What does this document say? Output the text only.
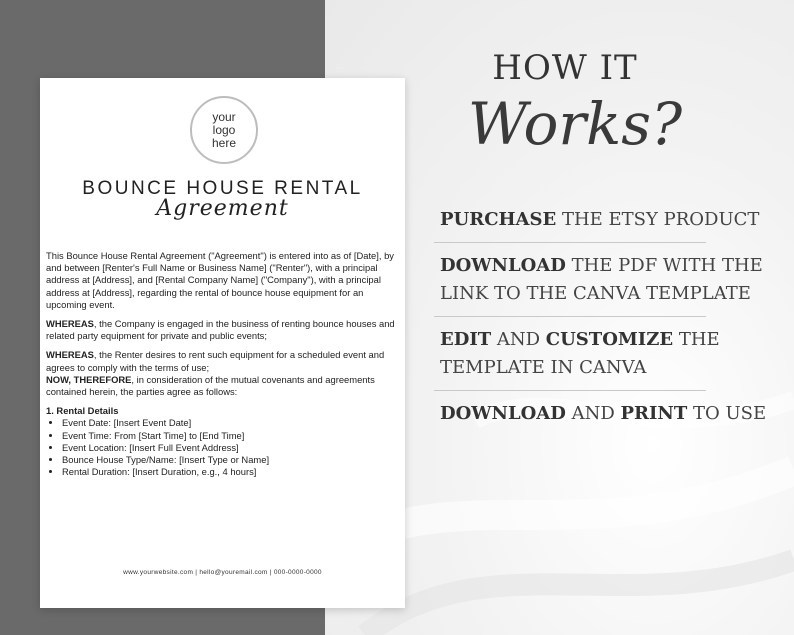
your
logo
here
BOUNCE HOUSE RENTAL
Agreement

This Bounce House Rental Agreement ("Agreement") is entered into as of [Date], by and between [Renter's Full Name or Business Name] ("Renter"), with a principal address at [Address], and [Rental Company Name] ("Company"), with a principal address at [Address], regarding the rental of bounce house equipment for an upcoming event.

WHEREAS, the Company is engaged in the business of renting bounce houses and related party equipment for private and public events;

WHEREAS, the Renter desires to rent such equipment for a scheduled event and agrees to comply with the terms of use;

NOW, THEREFORE, in consideration of the mutual covenants and agreements contained herein, the parties agree as follows:

1. Rental Details
• Event Date: [Insert Event Date]
• Event Time: From [Start Time] to [End Time]
• Event Location: [Insert Full Event Address]
• Bounce House Type/Name: [Insert Type or Name]
• Rental Duration: [Insert Duration, e.g., 4 hours]
www.yourwebsite.com | hello@youremail.com | 000-0000-0000
HOW IT
Works?
PURCHASE THE ETSY PRODUCT
DOWNLOAD THE PDF WITH THE LINK TO THE CANVA TEMPLATE
EDIT AND CUSTOMIZE THE TEMPLATE IN CANVA
DOWNLOAD AND PRINT TO USE
